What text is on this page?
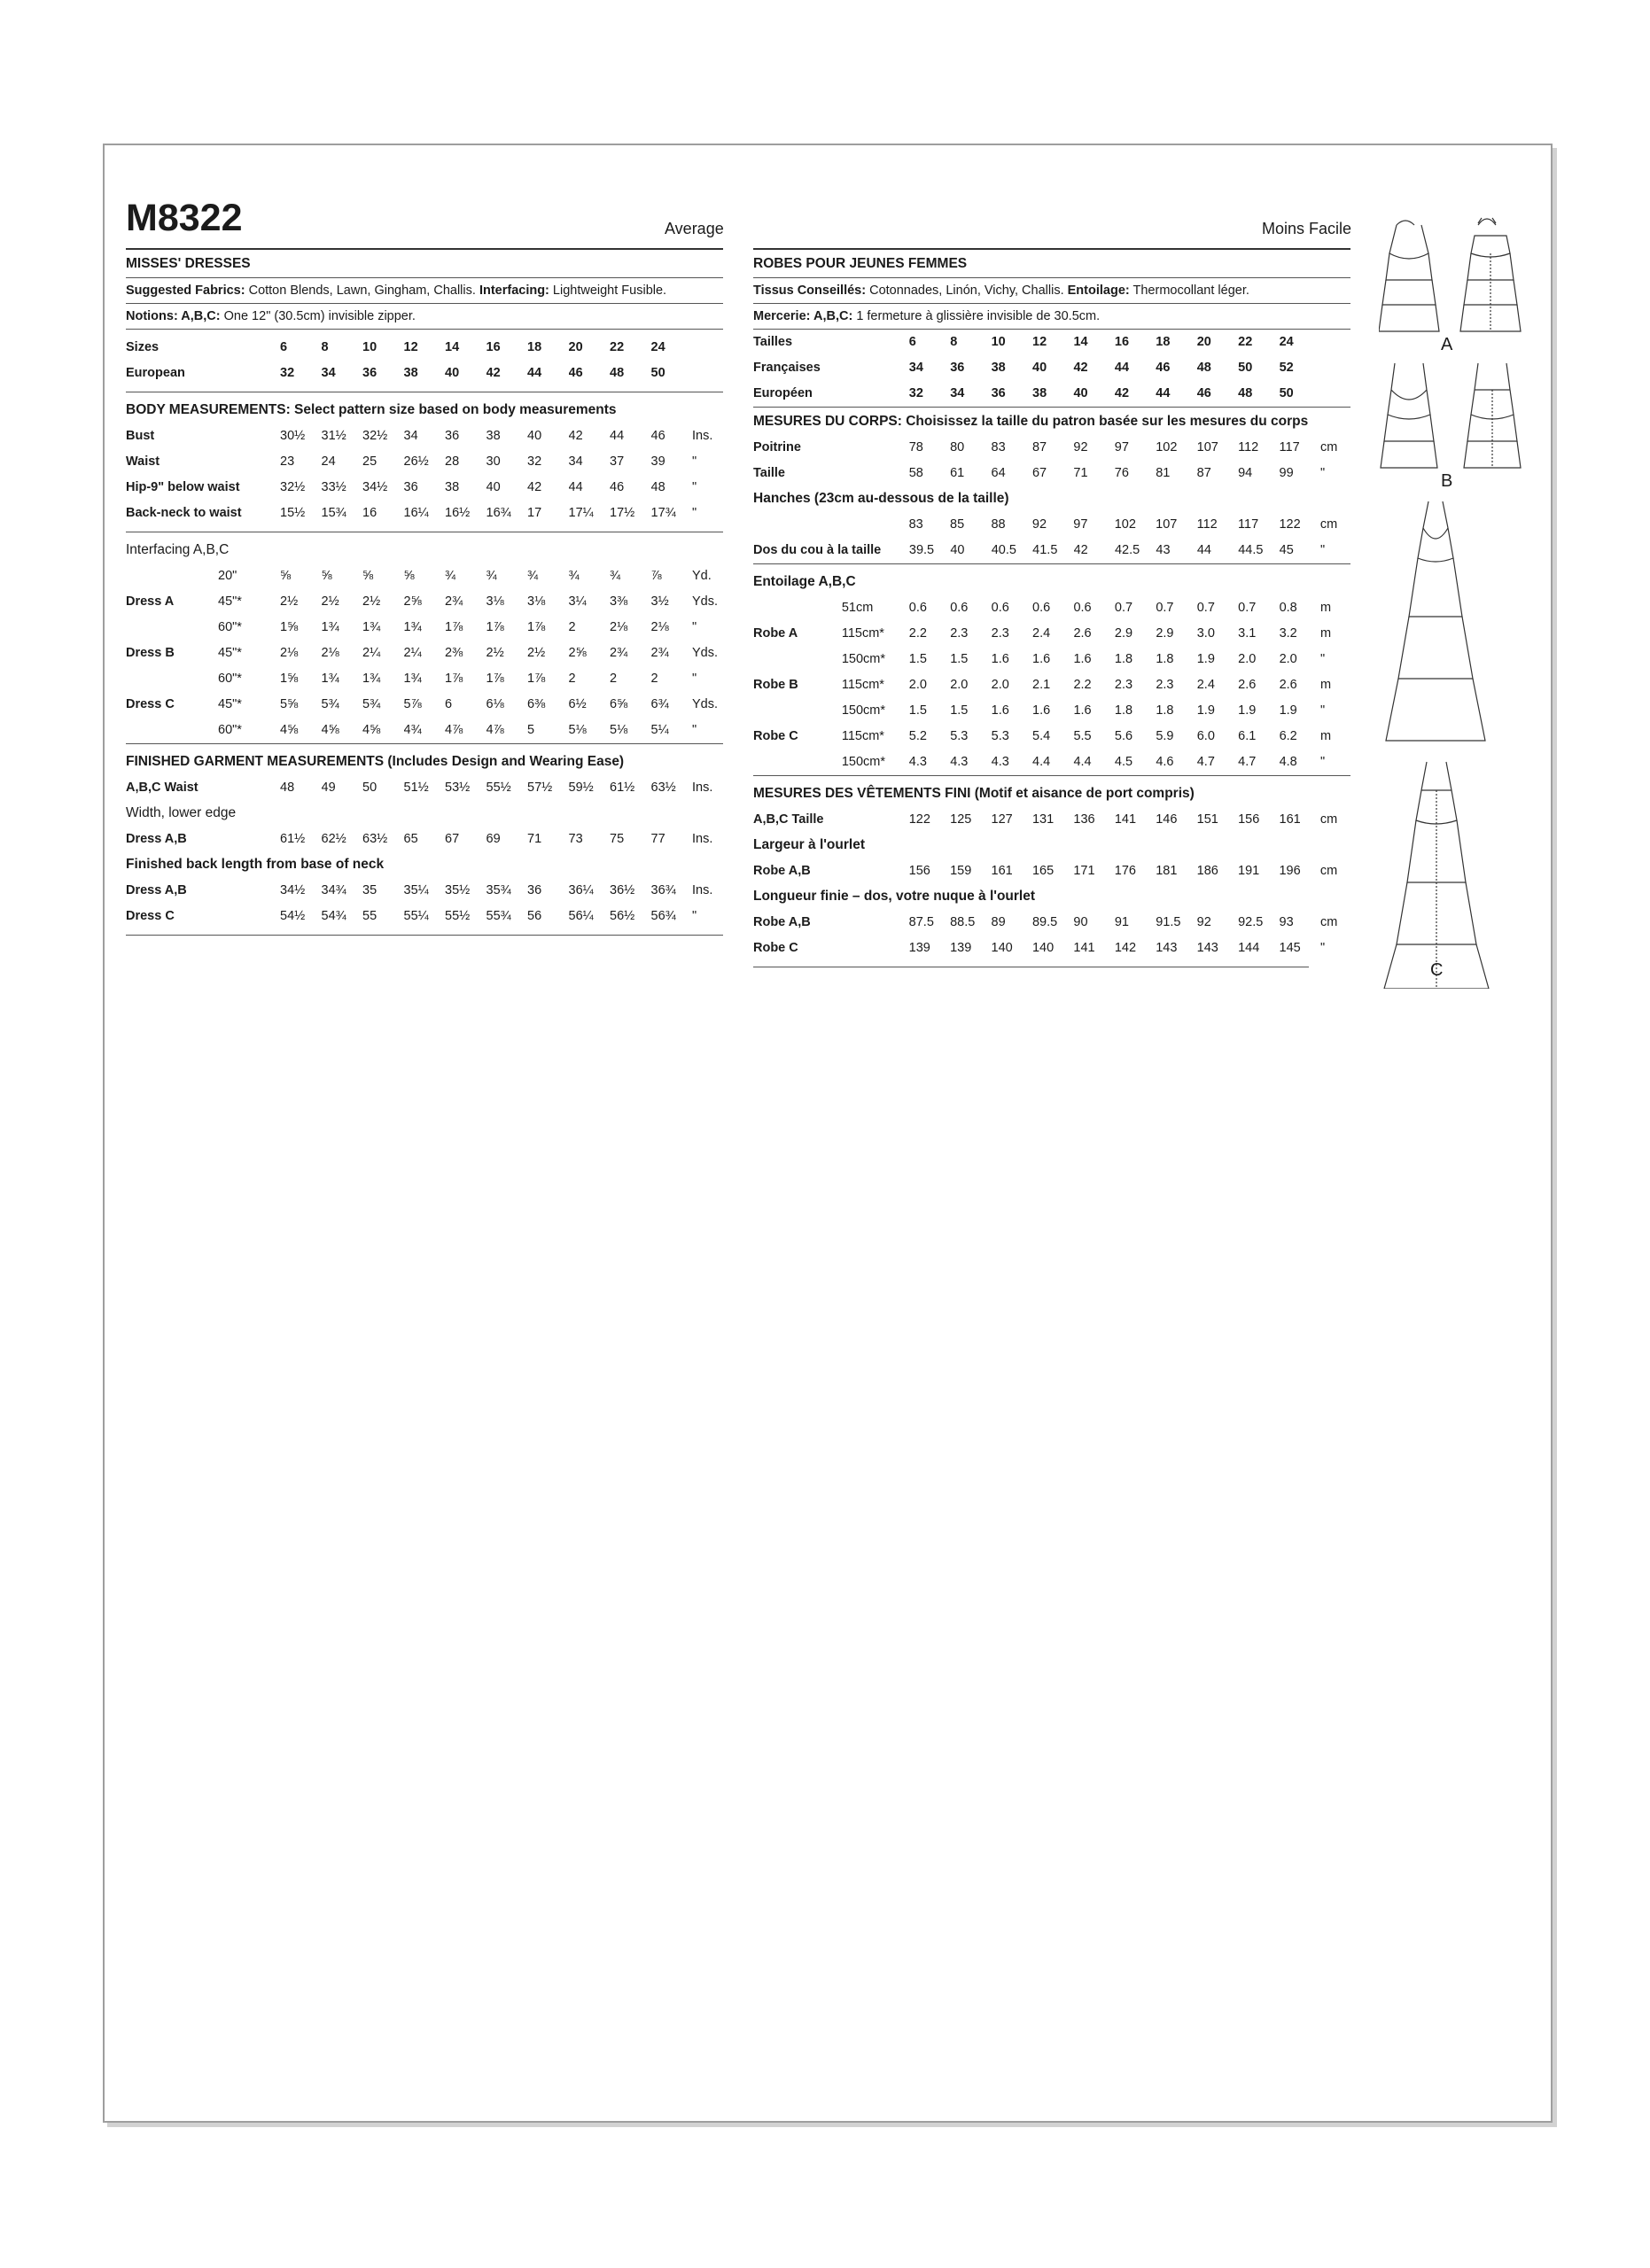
M8322	Average	Moins Facile
MISSES' DRESSES
Suggested Fabrics: Cotton Blends, Lawn, Gingham, Challis. Interfacing: Lightweight Fusible.
Notions: A,B,C: One 12" (30.5cm) invisible zipper.
Sizes	6	8	10	12	14	16	18	20	22	24	
European	32	34	36	38	40	42	44	46	48	50	
BODY MEASUREMENTS: Select pattern size based on body measurements
Bust	30½	31½	32½	34	36	38	40	42	44	46	Ins.
Waist	23	24	25	26½	28	30	32	34	37	39	"
Hip-9" below waist	32½	33½	34½	36	38	40	42	44	46	48	"
Back-neck to waist	15½	15¾	16	16¼	16½	16¾	17	17¼	17½	17¾	"
Interfacing A,B,C
	20"	⅝	⅝	⅝	⅝	¾	¾	¾	¾	¾	⅞	Yd.
Dress A	45"*	2½	2½	2½	2⅝	2¾	3⅛	3⅛	3¼	3⅜	3½	Yds.
	60"*	1⅝	1¾	1¾	1¾	1⅞	1⅞	1⅞	2	2⅛	2⅛	"
Dress B	45"*	2⅛	2⅛	2¼	2¼	2⅜	2½	2½	2⅝	2¾	2¾	Yds.
	60"*	1⅝	1¾	1¾	1¾	1⅞	1⅞	1⅞	2	2	2	"
Dress C	45"*	5⅝	5¾	5¾	5⅞	6	6⅛	6⅜	6½	6⅝	6¾	Yds.
	60"*	4⅝	4⅝	4⅝	4¾	4⅞	4⅞	5	5⅛	5⅛	5¼	"
FINISHED GARMENT MEASUREMENTS (Includes Design and Wearing Ease)
A,B,C Waist	48	49	50	51½	53½	55½	57½	59½	61½	63½	Ins.
Width, lower edge
Dress A,B	61½	62½	63½	65	67	69	71	73	75	77	Ins.
Finished back length from base of neck
Dress A,B	34½	34¾	35	35¼	35½	35¾	36	36¼	36½	36¾	Ins.
Dress C	54½	54¾	55	55¼	55½	55¾	56	56¼	56½	56¾	"
ROBES POUR JEUNES FEMMES
Tissus Conseillés: Cotonnades, Linón, Vichy, Challis. Entoilage: Thermocollant léger.
Mercerie: A,B,C: 1 fermeture à glissière invisible de 30.5cm.
Tailles	6	8	10	12	14	16	18	20	22	24	
Françaises	34	36	38	40	42	44	46	48	50	52	
Européen	32	34	36	38	40	42	44	46	48	50	
MESURES DU CORPS: Choisissez la taille du patron basée sur les mesures du corps
Poitrine	78	80	83	87	92	97	102	107	112	117	cm
Taille	58	61	64	67	71	76	81	87	94	99	"
Hanches (23cm au-dessous de la taille)
	83	85	88	92	97	102	107	112	117	122	cm
Dos du cou à la taille	39.5	40	40.5	41.5	42	42.5	43	44	44.5	45	"
Entoilage A,B,C
	51cm	0.6	0.6	0.6	0.6	0.6	0.7	0.7	0.7	0.7	0.8	m
Robe A	115cm*	2.2	2.3	2.3	2.4	2.6	2.9	2.9	3.0	3.1	3.2	m
	150cm*	1.5	1.5	1.6	1.6	1.6	1.8	1.8	1.9	2.0	2.0	"
Robe B	115cm*	2.0	2.0	2.0	2.1	2.2	2.3	2.3	2.4	2.6	2.6	m
	150cm*	1.5	1.5	1.6	1.6	1.6	1.8	1.8	1.9	1.9	1.9	"
Robe C	115cm*	5.2	5.3	5.3	5.4	5.5	5.6	5.9	6.0	6.1	6.2	m
	150cm*	4.3	4.3	4.3	4.4	4.4	4.5	4.6	4.7	4.7	4.8	"
MESURES DES VÊTEMENTS FINI (Motif et aisance de port compris)
A,B,C Taille	122	125	127	131	136	141	146	151	156	161	cm
Largeur à l'ourlet
Robe A,B	156	159	161	165	171	176	181	186	191	196	cm
Longueur finie – dos, votre nuque à l'ourlet
Robe A,B	87.5	88.5	89	89.5	90	91	91.5	92	92.5	93	cm
Robe C	139	139	140	140	141	142	143	143	144	145	"
A
B
C
